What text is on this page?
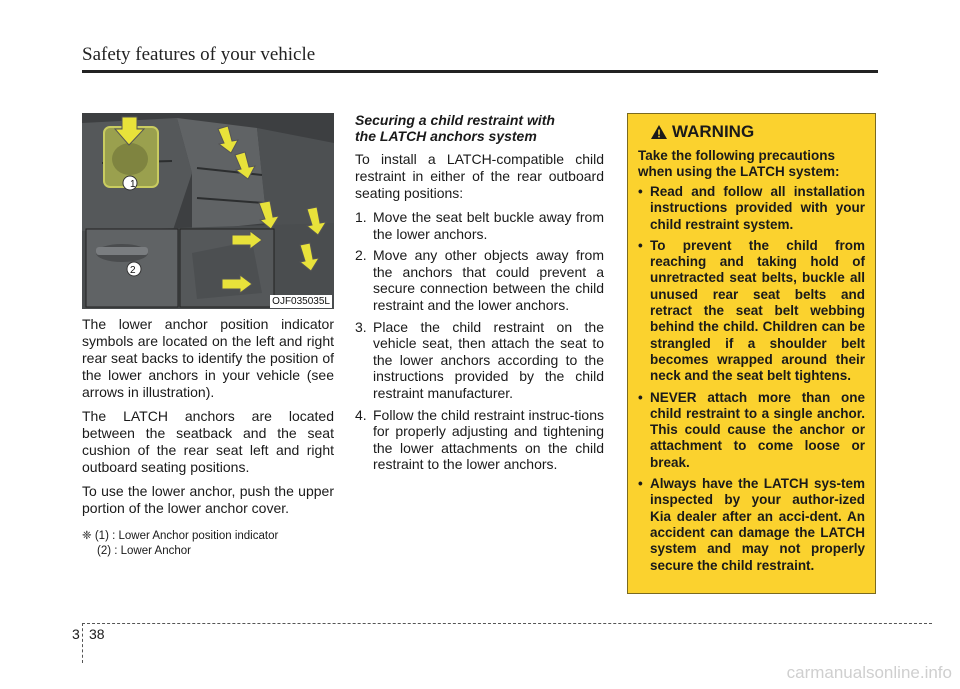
Safety features of your vehicle
1
2
OJF035035L

The lower anchor position indicator symbols are located on the left and right rear seat backs to identify the position of the lower anchors in your vehicle (see arrows in illustration).

The LATCH anchors are located between the seatback and the seat cushion of the rear seat left and right outboard seating positions.

To use the lower anchor, push the upper portion of the lower anchor cover.

❈ (1) : Lower Anchor position indicator
(2) : Lower Anchor
Securing a child restraint with
the LATCH anchors system

To install a LATCH-compatible child restraint in either of the rear outboard seating positions:

1. Move the seat belt buckle away from the lower anchors.
2. Move any other objects away from the anchors that could prevent a secure connection between the child restraint and the lower anchors.
3. Place the child restraint on the vehicle seat, then attach the seat to the lower anchors according to the instructions provided by the child restraint manufacturer.
4. Follow the child restraint instruc-tions for properly adjusting and tightening the lower attachments on the child restraint to the lower anchors.
WARNING

Take the following precautions when using the LATCH system:

• Read and follow all installation instructions provided with your child restraint system.
• To prevent the child from reaching and taking hold of unretracted seat belts, buckle all unused rear seat belts and retract the seat belt webbing behind the child. Children can be strangled if a shoulder belt becomes wrapped around their neck and the seat belt tightens.
• NEVER attach more than one child restraint to a single anchor. This could cause the anchor or attachment to come loose or break.
• Always have the LATCH sys-tem inspected by your author-ized Kia dealer after an acci-dent. An accident can damage the LATCH system and may not properly secure the child restraint.
3 38
carmanualsonline.info
